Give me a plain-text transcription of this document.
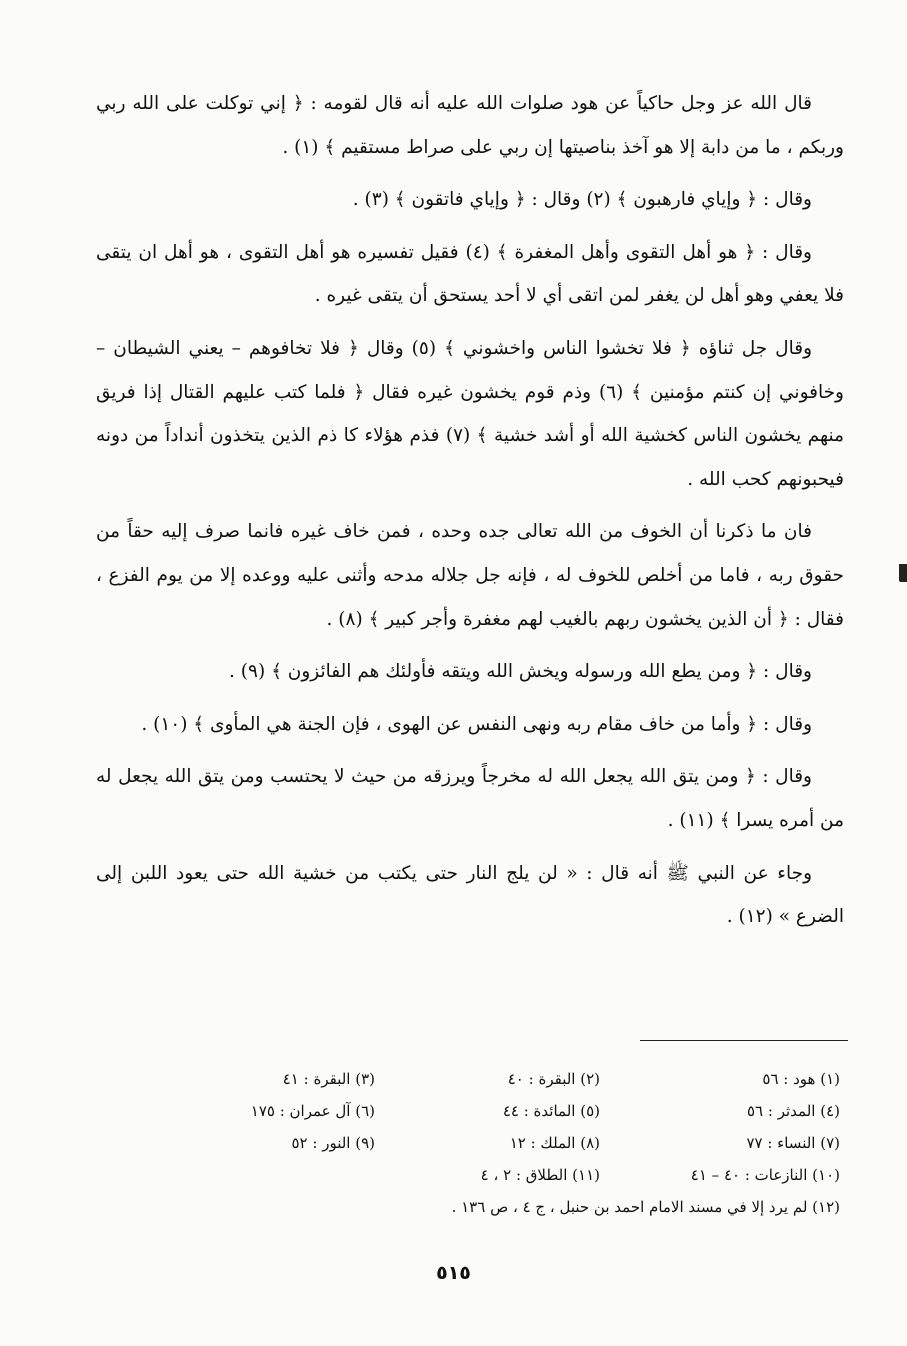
قال الله عز وجل حاكياً عن هود صلوات الله عليه أنه قال لقومه : ﴿ إني توكلت على الله ربي وربكم ، ما من دابة إلا هو آخذ بناصيتها إن ربي على صراط مستقيم ﴾ (١) .

وقال : ﴿ وإياي فارهبون ﴾ (٢) وقال : ﴿ وإياي فاتقون ﴾ (٣) .

وقال : ﴿ هو أهل التقوى وأهل المغفرة ﴾ (٤) فقيل تفسيره هو أهل التقوى ، هو أهل ان يتقى فلا يعفي وهو أهل لن يغفر لمن اتقى أي لا أحد يستحق أن يتقى غيره .

وقال جل ثناؤه ﴿ فلا تخشوا الناس واخشوني ﴾ (٥) وقال ﴿ فلا تخافوهم – يعني الشيطان – وخافوني إن كنتم مؤمنين ﴾ (٦) وذم قوم يخشون غيره فقال ﴿ فلما كتب عليهم القتال إذا فريق منهم يخشون الناس كخشية الله أو أشد خشية ﴾ (٧) فذم هؤلاء كا ذم الذين يتخذون أنداداً من دونه فيحبونهم كحب الله .

فان ما ذكرنا أن الخوف من الله تعالى جده وحده ، فمن خاف غيره فانما صرف إليه حقاً من حقوق ربه ، فاما من أخلص للخوف له ، فإنه جل جلاله مدحه وأثنى عليه ووعده إلا من يوم الفزع ، فقال : ﴿ أن الذين يخشون ربهم بالغيب لهم مغفرة وأجر كبير ﴾ (٨) .

وقال : ﴿ ومن يطع الله ورسوله ويخش الله ويتقه فأولئك هم الفائزون ﴾ (٩) .

وقال : ﴿ وأما من خاف مقام ربه ونهى النفس عن الهوى ، فإن الجنة هي المأوى ﴾ (١٠) .

وقال : ﴿ ومن يتق الله يجعل الله له مخرجاً ويرزقه من حيث لا يحتسب ومن يتق الله يجعل له من أمره يسرا ﴾ (١١) .

وجاء عن النبي ﷺ أنه قال : « لن يلج النار حتى يكتب من خشية الله حتى يعود اللبن إلى الضرع » (١٢) .

(١) هود : ٥٦
(٢) البقرة : ٤٠
(٣) البقرة : ٤١
(٤) المدثر : ٥٦
(٥) المائدة : ٤٤
(٦) آل عمران : ١٧٥
(٧) النساء : ٧٧
(٨) الملك : ١٢
(٩) النور : ٥٢
(١٠) النازعات : ٤٠ – ٤١
(١١) الطلاق : ٢ ، ٤
(١٢) لم يرد إلا في مسند الامام احمد بن حنبل ، ج ٤ ، ص ١٣٦ .
٥١٥
